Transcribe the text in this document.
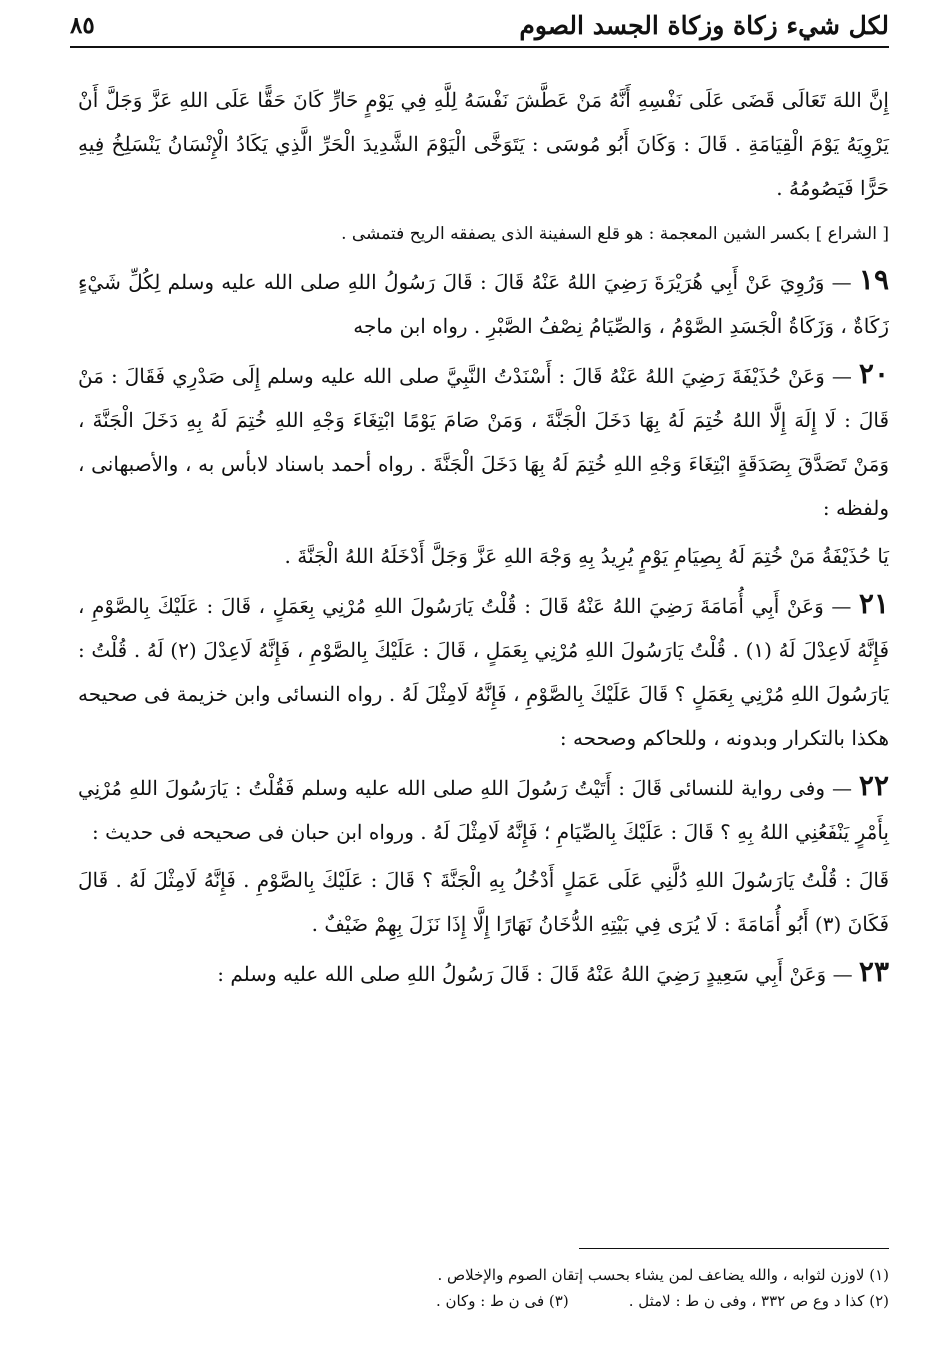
لكل شيء زكاة وزكاة الجسد الصوم
٨٥

إِنَّ اللهَ تَعَالَى قَضَى عَلَى نَفْسِهِ أَنَّهُ مَنْ عَطَّشَ نَفْسَهُ لِلَّهِ فِي يَوْمٍ حَارٍّ كَانَ حَقًّا عَلَى اللهِ عَزَّ وَجَلَّ أَنْ يَرْوِيَهُ يَوْمَ الْقِيَامَةِ . قَالَ : وَكَانَ أَبُو مُوسَى : يَتَوَخَّى الْيَوْمَ الشَّدِيدَ الْحَرِّ الَّذِي يَكَادُ الْإِنْسَانُ يَنْسَلِخُ فِيهِ حَرًّا فَيَصُومُهُ .

[ الشراع ] بكسر الشين المعجمة : هو قلع السفينة الذى يصفقه الريح فتمشى .

١٩ — وَرُوِيَ عَنْ أَبِي هُرَيْرَةَ رَضِيَ اللهُ عَنْهُ قَالَ : قَالَ رَسُولُ اللهِ صلى الله عليه وسلم لِكُلِّ شَيْءٍ زَكَاةٌ ، وَزَكَاةُ الْجَسَدِ الصَّوْمُ ، وَالصِّيَامُ نِصْفُ الصَّبْرِ . رواه ابن ماجه

٢٠ — وَعَنْ حُذَيْفَةَ رَضِيَ اللهُ عَنْهُ قَالَ : أَسْنَدْتُ النَّبِيَّ صلى الله عليه وسلم إِلَى صَدْرِي فَقَالَ : مَنْ قَالَ : لَا إِلَهَ إِلَّا اللهُ خُتِمَ لَهُ بِهَا دَخَلَ الْجَنَّةَ ، وَمَنْ صَامَ يَوْمًا ابْتِغَاءَ وَجْهِ اللهِ خُتِمَ لَهُ بِهِ دَخَلَ الْجَنَّةَ ، وَمَنْ تَصَدَّقَ بِصَدَقَةٍ ابْتِغَاءَ وَجْهِ اللهِ خُتِمَ لَهُ بِهَا دَخَلَ الْجَنَّةَ . رواه أحمد باسناد لابأس به ، والأصبهانى ، ولفظه :

يَا حُذَيْفَةُ مَنْ خُتِمَ لَهُ بِصِيَامِ يَوْمٍ يُرِيدُ بِهِ وَجْهَ اللهِ عَزَّ وَجَلَّ أَدْخَلَهُ اللهُ الْجَنَّةَ .

٢١ — وَعَنْ أَبِي أُمَامَةَ رَضِيَ اللهُ عَنْهُ قَالَ : قُلْتُ يَارَسُولَ اللهِ مُرْنِي بِعَمَلٍ ، قَالَ : عَلَيْكَ بِالصَّوْمِ ، فَإِنَّهُ لَاعِدْلَ لَهُ (١) . قُلْتُ يَارَسُولَ اللهِ مُرْنِي بِعَمَلٍ ، قَالَ : عَلَيْكَ بِالصَّوْمِ ، فَإِنَّهُ لَاعِدْلَ (٢) لَهُ . قُلْتُ : يَارَسُولَ اللهِ مُرْنِي بِعَمَلٍ ؟ قَالَ عَلَيْكَ بِالصَّوْمِ ، فَإِنَّهُ لَامِثْلَ لَهُ . رواه النسائى وابن خزيمة فى صحيحه هكذا بالتكرار وبدونه ، وللحاكم وصححه :

٢٢ — وفى رواية للنسائى قَالَ : أَتَيْتُ رَسُولَ اللهِ صلى الله عليه وسلم فَقُلْتُ : يَارَسُولَ اللهِ مُرْنِي بِأَمْرٍ يَنْفَعُنِي اللهُ بِهِ ؟ قَالَ : عَلَيْكَ بِالصِّيَامِ ؛ فَإِنَّهُ لَامِثْلَ لَهُ . ورواه ابن حبان فى صحيحه فى حديث :

قَالَ : قُلْتُ يَارَسُولَ اللهِ دُلَّنِي عَلَى عَمَلٍ أَدْخُلُ بِهِ الْجَنَّةَ ؟ قَالَ : عَلَيْكَ بِالصَّوْمِ . فَإِنَّهُ لَامِثْلَ لَهُ . قَالَ فَكَانَ (٣) أَبُو أُمَامَةَ : لَا يُرَى فِي بَيْتِهِ الدُّخَانُ نَهَارًا إِلَّا إِذَا نَزَلَ بِهِمْ ضَيْفٌ .

٢٣ — وَعَنْ أَبِي سَعِيدٍ رَضِيَ اللهُ عَنْهُ قَالَ : قَالَ رَسُولُ اللهِ صلى الله عليه وسلم :

(١) لاوزن لثوابه ، والله يضاعف لمن يشاء بحسب إتقان الصوم والإخلاص .
(٢) كذا د وع ص ٣٣٢ ، وفى ن ط : لامثل .
(٣) فى ن ط : وكان .
